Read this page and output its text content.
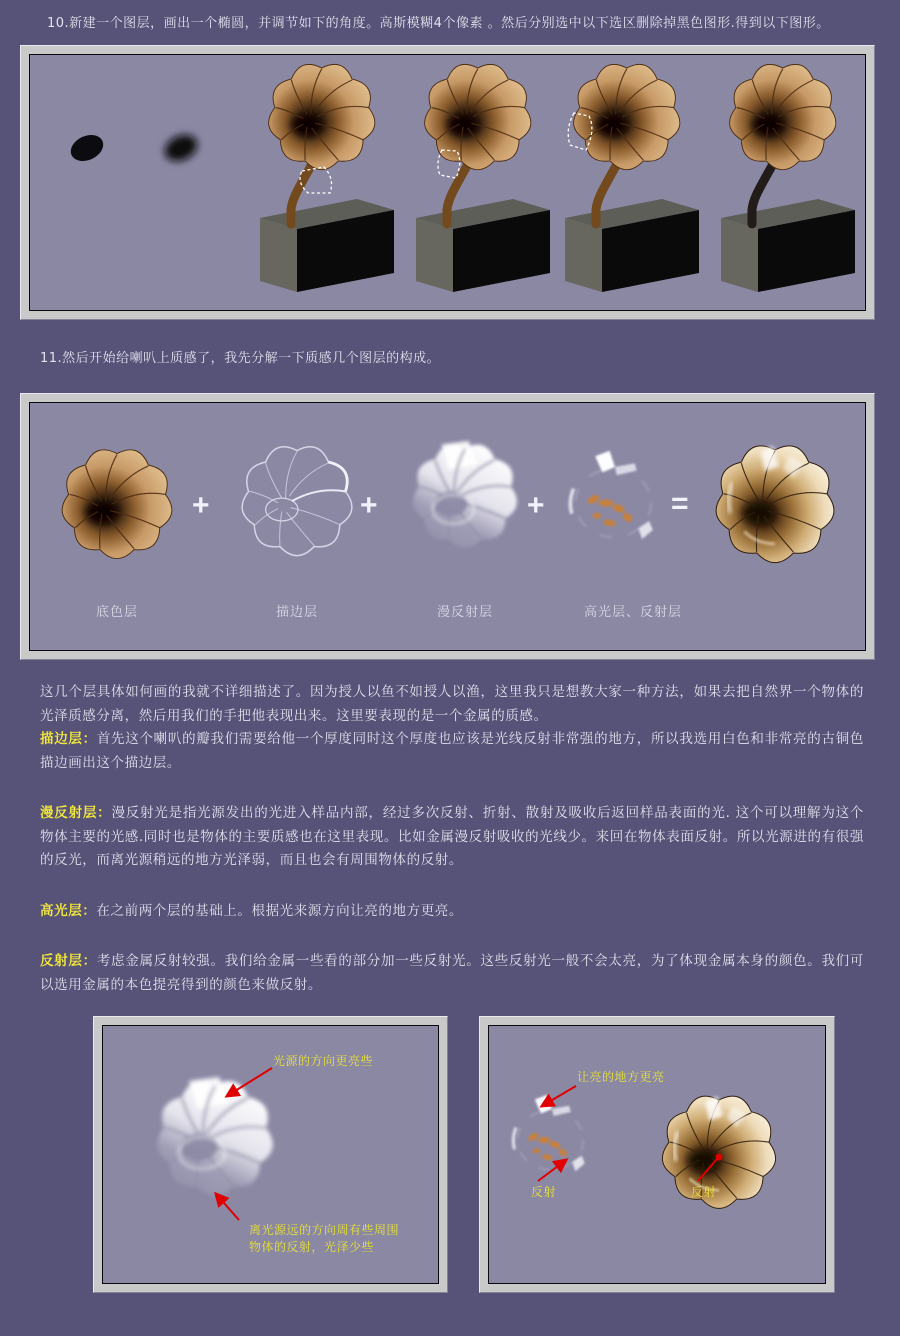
10.新建一个图层，画出一个椭圆，并调节如下的角度。高斯模糊4个像素 。然后分别选中以下选区删除掉黑色图形.得到以下图形。
11.然后开始给喇叭上质感了，我先分解一下质感几个图层的构成。
+	+	+	=
底色层	描边层	漫反射层	高光层、反射层

这几个层具体如何画的我就不详细描述了。因为授人以鱼不如授人以渔，这里我只是想教大家一种方法，如果去把自然界一个物体的光泽质感分离，然后用我们的手把他表现出来。这里要表现的是一个金属的质感。

描边层：首先这个喇叭的瓣我们需要给他一个厚度同时这个厚度也应该是光线反射非常强的地方，所以我选用白色和非常亮的古铜色描边画出这个描边层。

漫反射层：漫反射光是指光源发出的光进入样品内部，经过多次反射、折射、散射及吸收后返回样品表面的光. 这个可以理解为这个物体主要的光感.同时也是物体的主要质感也在这里表现。比如金属漫反射吸收的光线少。来回在物体表面反射。所以光源进的有很强的反光，而离光源稍远的地方光泽弱，而且也会有周围物体的反射。

高光层：在之前两个层的基础上。根据光来源方向让亮的地方更亮。

反射层：考虑金属反射较强。我们给金属一些看的部分加一些反射光。这些反射光一般不会太亮，为了体现金属本身的颜色。我们可以选用金属的本色提亮得到的颜色来做反射。

光源的方向更亮些
离光源远的方向周有些周围
物体的反射，光泽少些
让亮的地方更亮
反射	反射
